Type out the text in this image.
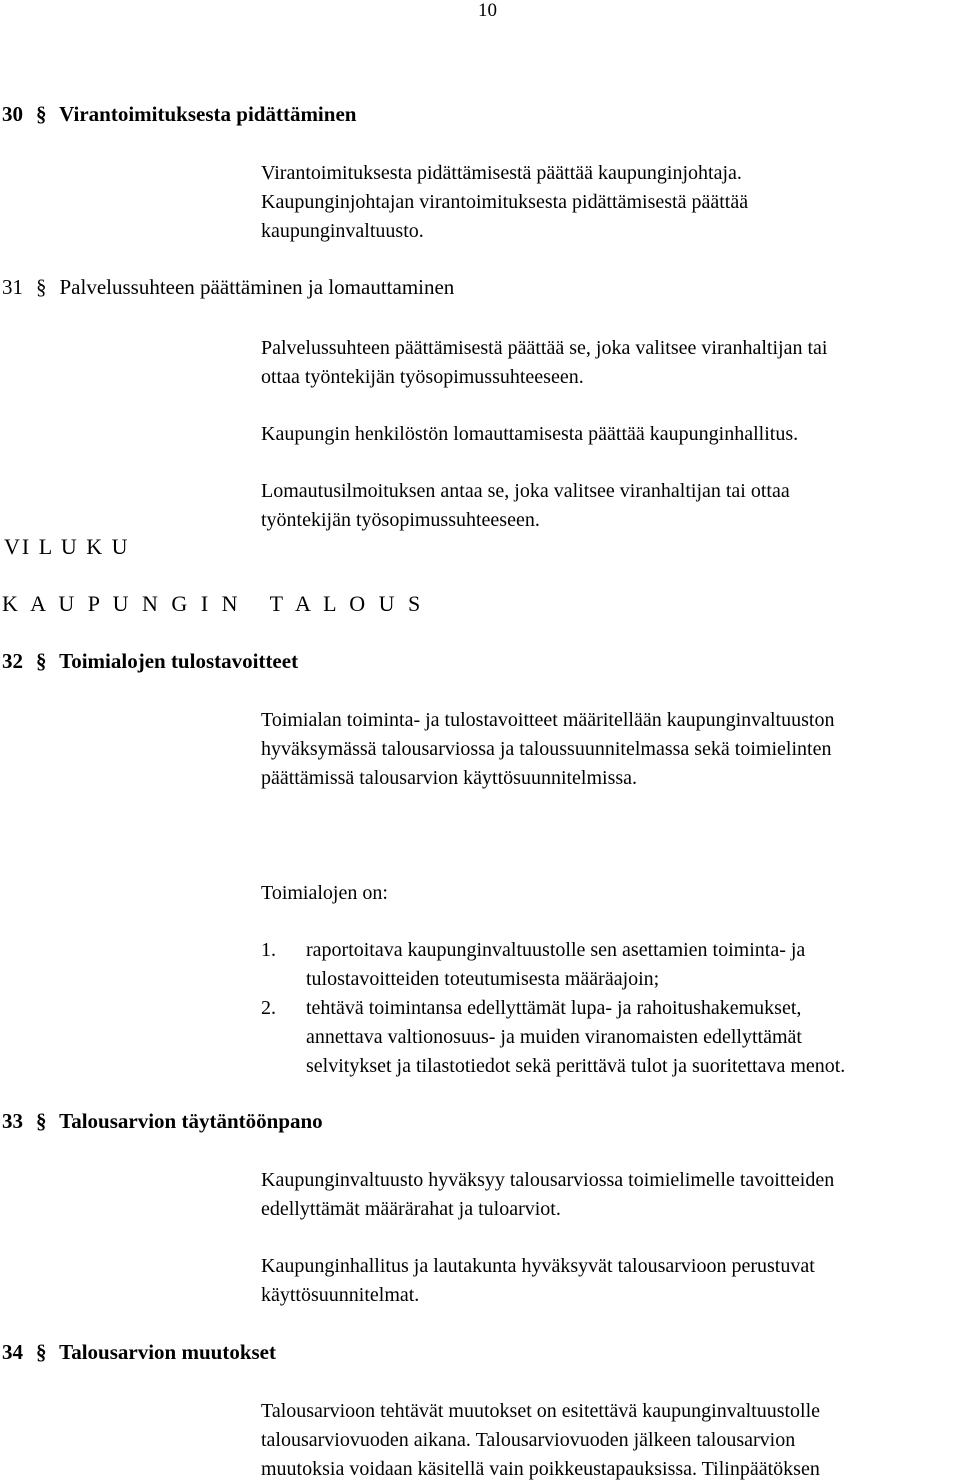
10
30 § Virantoimituksesta pidättäminen
Virantoimituksesta pidättämisestä päättää kaupunginjohtaja.
Kaupunginjohtajan virantoimituksesta pidättämisestä päättää
kaupunginvaltuusto.
31 § Palvelussuhteen päättäminen ja lomauttaminen
Palvelussuhteen päättämisestä päättää se, joka valitsee viranhaltijan tai
ottaa työntekijän työsopimussuhteeseen.
Kaupungin henkilöstön lomauttamisesta päättää kaupunginhallitus.
Lomautusilmoituksen antaa se, joka valitsee viranhaltijan tai ottaa
työntekijän työsopimussuhteeseen.
VI L U K U
K A U P U N G I N   T A L O U S
32 § Toimialojen tulostavoitteet
Toimialan toiminta- ja tulostavoitteet määritellään kaupunginvaltuuston
hyväksymässä talousarviossa ja taloussuunnitelmassa sekä toimielinten
päättämissä talousarvion käyttösuunnitelmissa.
Toimialojen on:
1. raportoitava kaupunginvaltuustolle sen asettamien toiminta- ja
tulostavoitteiden toteutumisesta määräajoin;
2. tehtävä toimintansa edellyttämät lupa- ja rahoitushakemukset,
annettava valtionosuus- ja muiden viranomaisten edellyttämät
selvitykset ja tilastotiedot sekä perittävä tulot ja suoritettava menot.
33 § Talousarvion täytäntöönpano
Kaupunginvaltuusto hyväksyy talousarviossa toimielimelle tavoitteiden
edellyttämät määrärahat ja tuloarviot.
Kaupunginhallitus ja lautakunta hyväksyvät talousarvioon perustuvat
käyttösuunnitelmat.
34 § Talousarvion muutokset
Talousarvioon tehtävät muutokset on esitettävä kaupunginvaltuustolle
talousarviovuoden aikana. Talousarviovuoden jälkeen talousarvion
muutoksia voidaan käsitellä vain poikkeustapauksissa. Tilinpäätöksen
